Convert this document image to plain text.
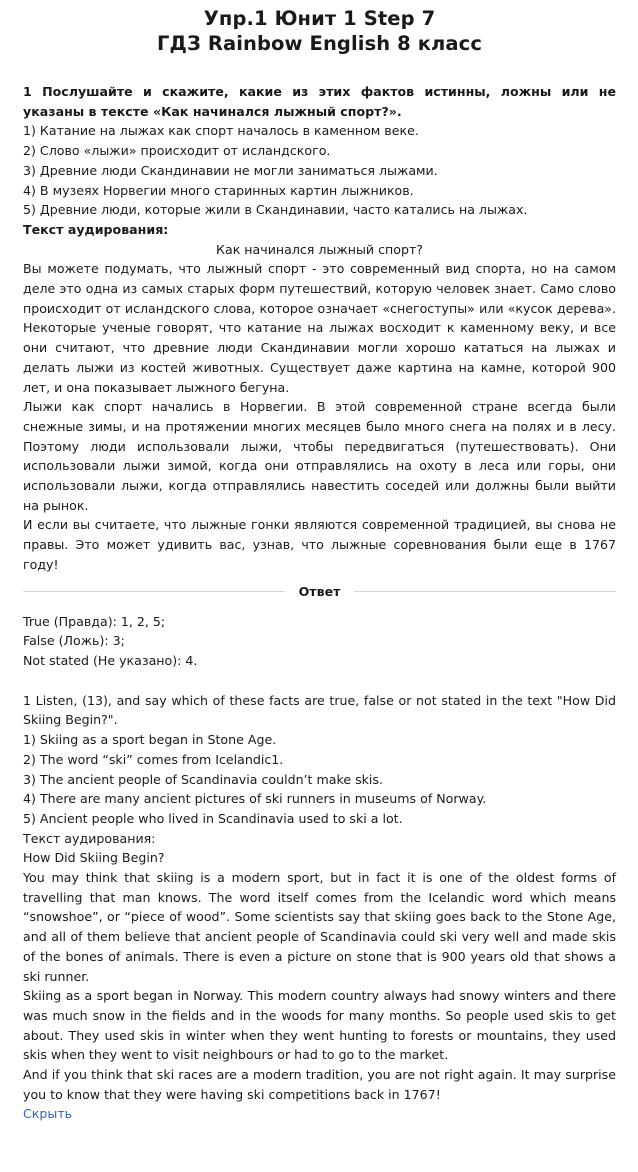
Упр.1 Юнит 1 Step 7
ГДЗ Rainbow English 8 класс

1 Послушайте и скажите, какие из этих фактов истинны, ложны или не указаны в тексте «Как начинался лыжный спорт?».

1) Катание на лыжах как спорт началось в каменном веке.

2) Слово «лыжи» происходит от исландского.

3) Древние люди Скандинавии не могли заниматься лыжами.

4) В музеях Норвегии много старинных картин лыжников.

5) Древние люди, которые жили в Скандинавии, часто катались на лыжах.

Текст аудирования:

Как начинался лыжный спорт?

Вы можете подумать, что лыжный спорт - это современный вид спорта, но на самом деле это одна из самых старых форм путешествий, которую человек знает. Само слово происходит от исландского слова, которое означает «снегоступы» или «кусок дерева». Некоторые ученые говорят, что катание на лыжах восходит к каменному веку, и все они считают, что древние люди Скандинавии могли хорошо кататься на лыжах и делать лыжи из костей животных. Существует даже картина на камне, которой 900 лет, и она показывает лыжного бегуна.

Лыжи как спорт начались в Норвегии. В этой современной стране всегда были снежные зимы, и на протяжении многих месяцев было много снега на полях и в лесу. Поэтому люди использовали лыжи, чтобы передвигаться (путешествовать). Они использовали лыжи зимой, когда они отправлялись на охоту в леса или горы, они использовали лыжи, когда отправлялись навестить соседей или должны были выйти на рынок.

И если вы считаете, что лыжные гонки являются современной традицией, вы снова не правы. Это может удивить вас, узнав, что лыжные соревнования были еще в 1767 году!

Ответ

True (Правда): 1, 2, 5;

False (Ложь): 3;

Not stated (Не указано): 4.

1 Listen, (13), and say which of these facts are true, false or not stated in the text "How Did Skiing Begin?".

1) Skiing as a sport began in Stone Age.

2) The word “ski” comes from Icelandic1.

3) The ancient people of Scandinavia couldn’t make skis.

4) There are many ancient pictures of ski runners in museums of Norway.

5) Ancient people who lived in Scandinavia used to ski a lot.

Текст аудирования:

How Did Skiing Begin?

You may think that skiing is a modern sport, but in fact it is one of the oldest forms of travelling that man knows. The word itself comes from the Icelandic word which means “snowshoe”, or “piece of wood”. Some scientists say that skiing goes back to the Stone Age, and all of them believe that ancient people of Scandinavia could ski very well and made skis of the bones of animals. There is even a picture on stone that is 900 years old that shows a ski runner.

Skiing as a sport began in Norway. This modern country always had snowy winters and there was much snow in the fields and in the woods for many months. So people used skis to get about. They used skis in winter when they went hunting to forests or mountains, they used skis when they went to visit neighbours or had to go to the market.

And if you think that ski races are a modern tradition, you are not right again. It may surprise you to know that they were having ski competitions back in 1767!

Скрыть
